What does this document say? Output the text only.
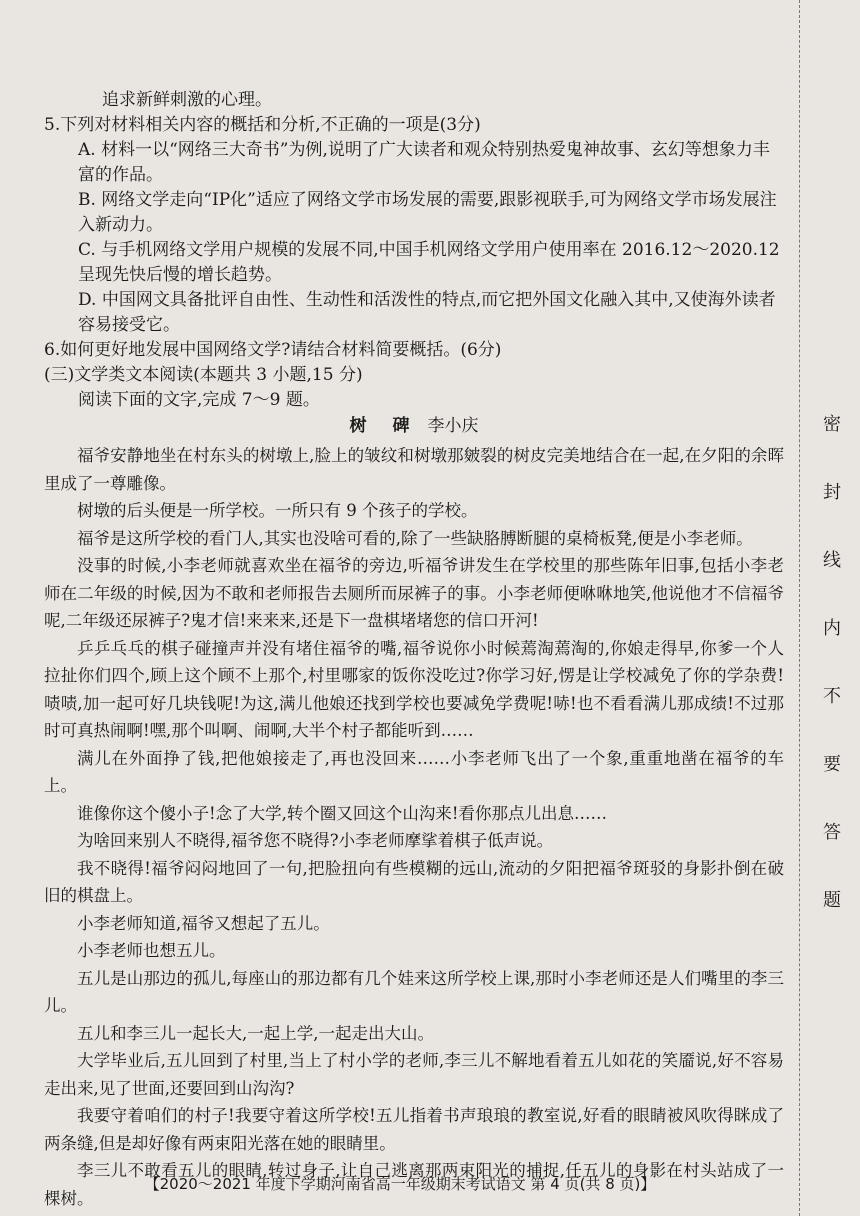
追求新鲜刺激的心理。
5.下列对材料相关内容的概括和分析,不正确的一项是(3分)
A. 材料一以“网络三大奇书”为例,说明了广大读者和观众特别热爱鬼神故事、玄幻等想象力丰富的作品。
B. 网络文学走向“IP化”适应了网络文学市场发展的需要,跟影视联手,可为网络文学市场发展注入新动力。
C. 与手机网络文学用户规模的发展不同,中国手机网络文学用户使用率在 2016.12～2020.12 呈现先快后慢的增长趋势。
D. 中国网文具备批评自由性、生动性和活泼性的特点,而它把外国文化融入其中,又使海外读者容易接受它。
6.如何更好地发展中国网络文学?请结合材料简要概括。(6分)
(三)文学类文本阅读(本题共 3 小题,15 分)
阅读下面的文字,完成 7～9 题。
树 碑 李小庆

福爷安静地坐在村东头的树墩上,脸上的皱纹和树墩那皴裂的树皮完美地结合在一起,在夕阳的余晖里成了一尊雕像。

树墩的后头便是一所学校。一所只有 9 个孩子的学校。

福爷是这所学校的看门人,其实也没啥可看的,除了一些缺胳膊断腿的桌椅板凳,便是小李老师。

没事的时候,小李老师就喜欢坐在福爷的旁边,听福爷讲发生在学校里的那些陈年旧事,包括小李老师在二年级的时候,因为不敢和老师报告去厕所而尿裤子的事。小李老师便咻咻地笑,他说他才不信福爷呢,二年级还尿裤子?鬼才信!来来来,还是下一盘棋堵堵您的信口开河!

乒乒乓乓的棋子碰撞声并没有堵住福爷的嘴,福爷说你小时候蔫淘蔫淘的,你娘走得早,你爹一个人拉扯你们四个,顾上这个顾不上那个,村里哪家的饭你没吃过?你学习好,愣是让学校减免了你的学杂费!啧啧,加一起可好几块钱呢!为这,满儿他娘还找到学校也要减免学费呢!哧!也不看看满儿那成绩!不过那时可真热闹啊!嘿,那个叫啊、闹啊,大半个村子都能听到……

满儿在外面挣了钱,把他娘接走了,再也没回来……小李老师飞出了一个象,重重地凿在福爷的车上。

谁像你这个傻小子!念了大学,转个圈又回这个山沟来!看你那点儿出息……

为啥回来别人不晓得,福爷您不晓得?小李老师摩挲着棋子低声说。

我不晓得!福爷闷闷地回了一句,把脸扭向有些模糊的远山,流动的夕阳把福爷斑驳的身影扑倒在破旧的棋盘上。

小李老师知道,福爷又想起了五儿。

小李老师也想五儿。

五儿是山那边的孤儿,每座山的那边都有几个娃来这所学校上课,那时小李老师还是人们嘴里的李三儿。

五儿和李三儿一起长大,一起上学,一起走出大山。

大学毕业后,五儿回到了村里,当上了村小学的老师,李三儿不解地看着五儿如花的笑靥说,好不容易走出来,见了世面,还要回到山沟沟?

我要守着咱们的村子!我要守着这所学校!五儿指着书声琅琅的教室说,好看的眼睛被风吹得眯成了两条缝,但是却好像有两束阳光落在她的眼睛里。

李三儿不敢看五儿的眼睛,转过身子,让自己逃离那两束阳光的捕捉,任五儿的身影在村头站成了一棵树。

密
封
线
内
不
要
答
题
【2020～2021 年度下学期河南省高一年级期末考试语文 第 4 页(共 8 页)】
